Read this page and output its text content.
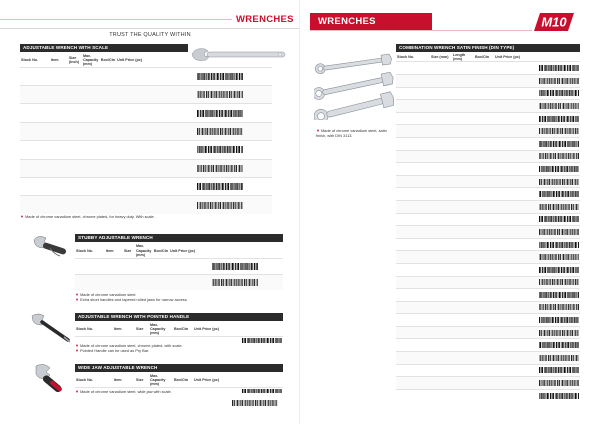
WRENCHES
TRUST THE QUALITY WITHIN
ADJUSTABLE WRENCH WITH SCALE
Stock No.	Item	Size (Inch)	Max. Capacity (mm)	Box/Ctn	Unit Price (pc)	

▼ Made of chrome vanadium steel, chrome plated, for heavy duty. With scale.
STUBBY ADJUSTABLE WRENCH
Stock No.	Item	Size	Max. Capacity (mm)	Box/Ctn	Unit Price (pc)	

▼ Made of chrome vanadium steel.
▼ Extra short handles and tapered rolled jaws for narrow access.
ADJUSTABLE WRENCH WITH POINTED HANDLE
Stock No.	Item	Size	Max. Capacity (mm)	Box/Ctn	Unit Price (pc)

▼ Made of chrome vanadium steel, chrome plated, with scale.
▼ Pointed Handle can be used as Pry Bar.
WIDE JAW ADJUSTABLE WRENCH
Stock No.	Item	Size	Max. Capacity (mm)	Box/Ctn	Unit Price (pc)

▼ Made of chrome vanadium steel, wide jaw with scale.
WRENCHES	M10
▼ Made of chrome vanadium steel, satin finish, with DIN 3113.
COMBINATION WRENCH SATIN FINISH (DIN TYPE)
Stock No.	Size (mm)	Length (mm)	Box/Ctn	Unit Price (pc)
